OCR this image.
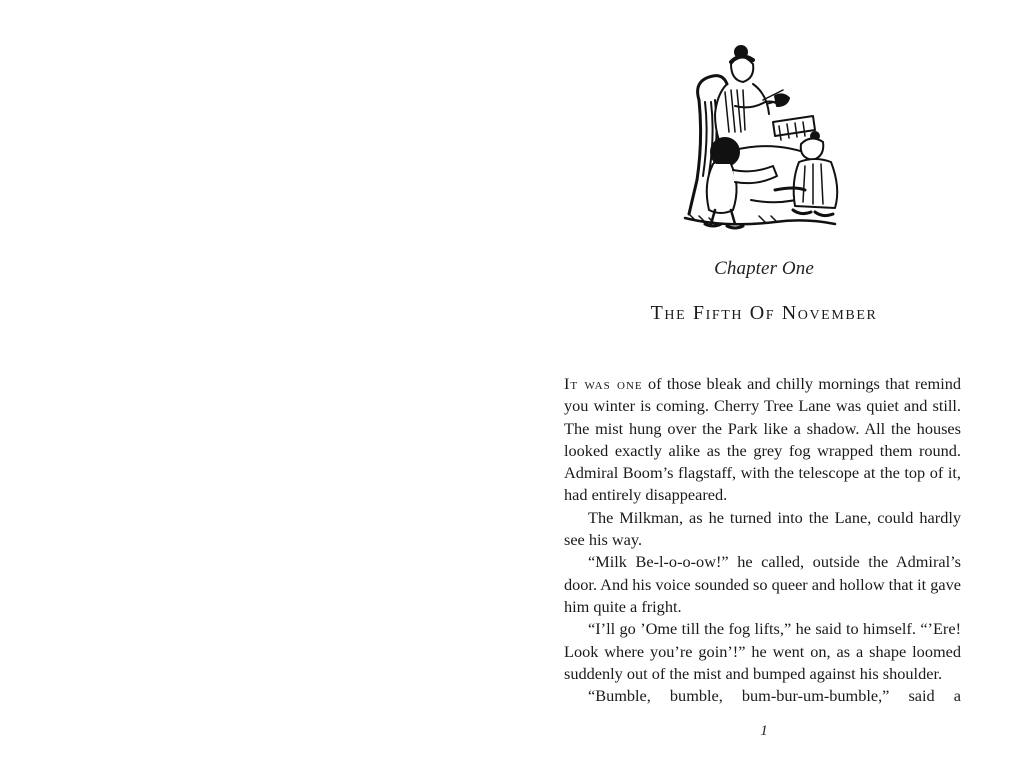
Chapter One
The Fifth Of November

It was one of those bleak and chilly mornings that remind you winter is coming. Cherry Tree Lane was quiet and still. The mist hung over the Park like a shadow. All the houses looked exactly alike as the grey fog wrapped them round. Admiral Boom’s flagstaff, with the telescope at the top of it, had entirely disappeared.

The Milkman, as he turned into the Lane, could hardly see his way.

“Milk Be-l-o-o-ow!” he called, outside the Admiral’s door. And his voice sounded so queer and hollow that it gave him quite a fright.

“I’ll go ’Ome till the fog lifts,” he said to himself. “’Ere! Look where you’re goin’!” he went on, as a shape loomed suddenly out of the mist and bumped against his shoulder.

“Bumble, bumble, bum-bur-um-bumble,” said a

1
